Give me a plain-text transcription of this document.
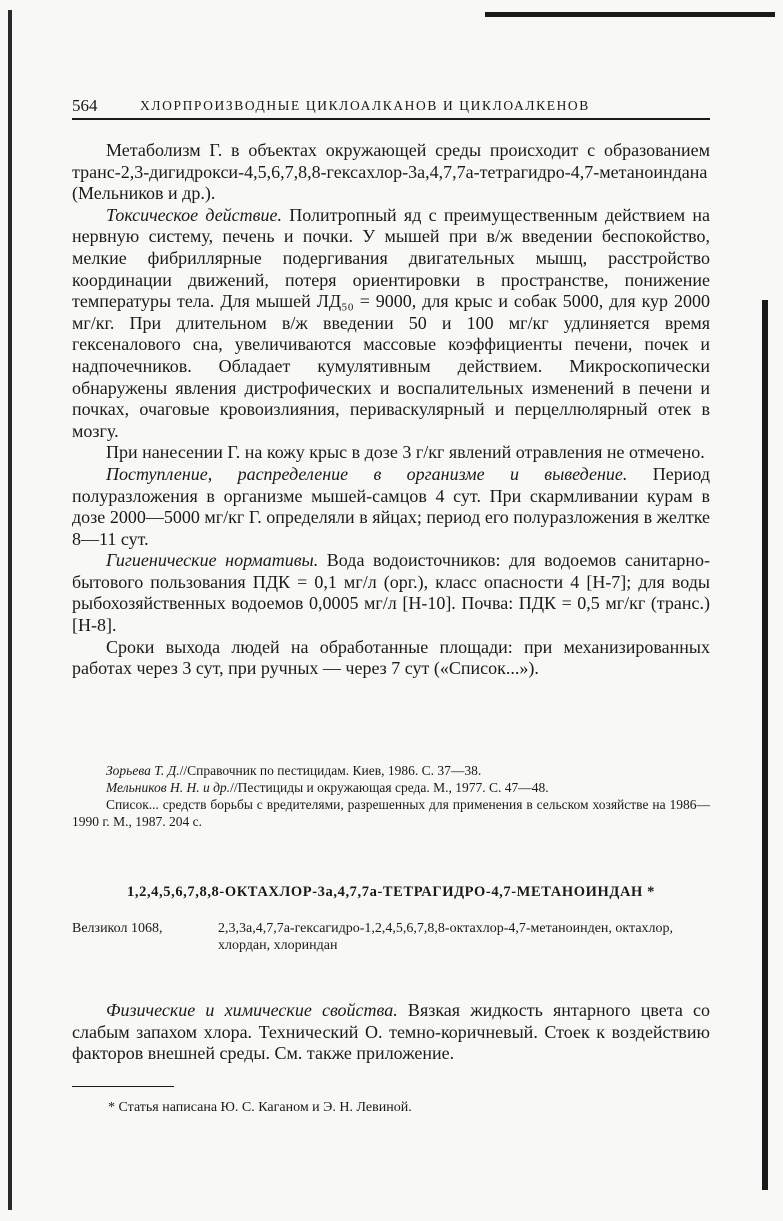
564	ХЛОРПРОИЗВОДНЫЕ ЦИКЛОАЛКАНОВ И ЦИКЛОАЛКЕНОВ

Метаболизм Г. в объектах окружающей среды происходит с образованием транс-2,3-дигидрокси-4,5,6,7,8,8-гексахлор-3а,4,7,7а-тетрагидро-4,7-метаноиндана (Мельников и др.).

Токсическое действие. Политропный яд с преимущественным действием на нервную систему, печень и почки. У мышей при в/ж введении беспокойство, мелкие фибриллярные подергивания двигательных мышц, расстройство координации движений, потеря ориентировки в пространстве, понижение температуры тела. Для мышей ЛД₅₀ = 9000, для крыс и собак 5000, для кур 2000 мг/кг. При длительном в/ж введении 50 и 100 мг/кг удлиняется время гексеналового сна, увеличиваются массовые коэффициенты печени, почек и надпочечников. Обладает кумулятивным действием. Микроскопически обнаружены явления дистрофических и воспалительных изменений в печени и почках, очаговые кровоизлияния, периваскулярный и перцеллюлярный отек в мозгу.

При нанесении Г. на кожу крыс в дозе 3 г/кг явлений отравления не отмечено.

Поступление, распределение в организме и выведение. Период полуразложения в организме мышей-самцов 4 сут. При скармливании курам в дозе 2000—5000 мг/кг Г. определяли в яйцах; период его полуразложения в желтке 8—11 сут.

Гигиенические нормативы. Вода водоисточников: для водоемов санитарно-бытового пользования ПДК = 0,1 мг/л (орг.), класс опасности 4 [Н-7]; для воды рыбохозяйственных водоемов 0,0005 мг/л [Н-10]. Почва: ПДК = 0,5 мг/кг (транс.) [Н-8].

Сроки выхода людей на обработанные площади: при механизированных работах через 3 сут, при ручных — через 7 сут («Список...»).

Зорьева Т. Д.//Справочник по пестицидам. Киев, 1986. С. 37—38.

Мельников Н. Н. и др.//Пестициды и окружающая среда. М., 1977. С. 47—48.

Список... средств борьбы с вредителями, разрешенных для применения в сельском хозяйстве на 1986—1990 г. М., 1987. 204 с.

1,2,4,5,6,7,8,8-ОКТАХЛОР-3а,4,7,7а-ТЕТРАГИДРО-4,7-МЕТАНОИНДАН *
Велзикол 1068,	2,3,3а,4,7,7а-гексагидро-1,2,4,5,6,7,8,8-октахлор-4,7-метаноинден, октахлор, хлордан, хлориндан

Физические и химические свойства. Вязкая жидкость янтарного цвета со слабым запахом хлора. Технический О. темно-коричневый. Стоек к воздействию факторов внешней среды. См. также приложение.

* Статья написана Ю. С. Каганом и Э. Н. Левиной.
